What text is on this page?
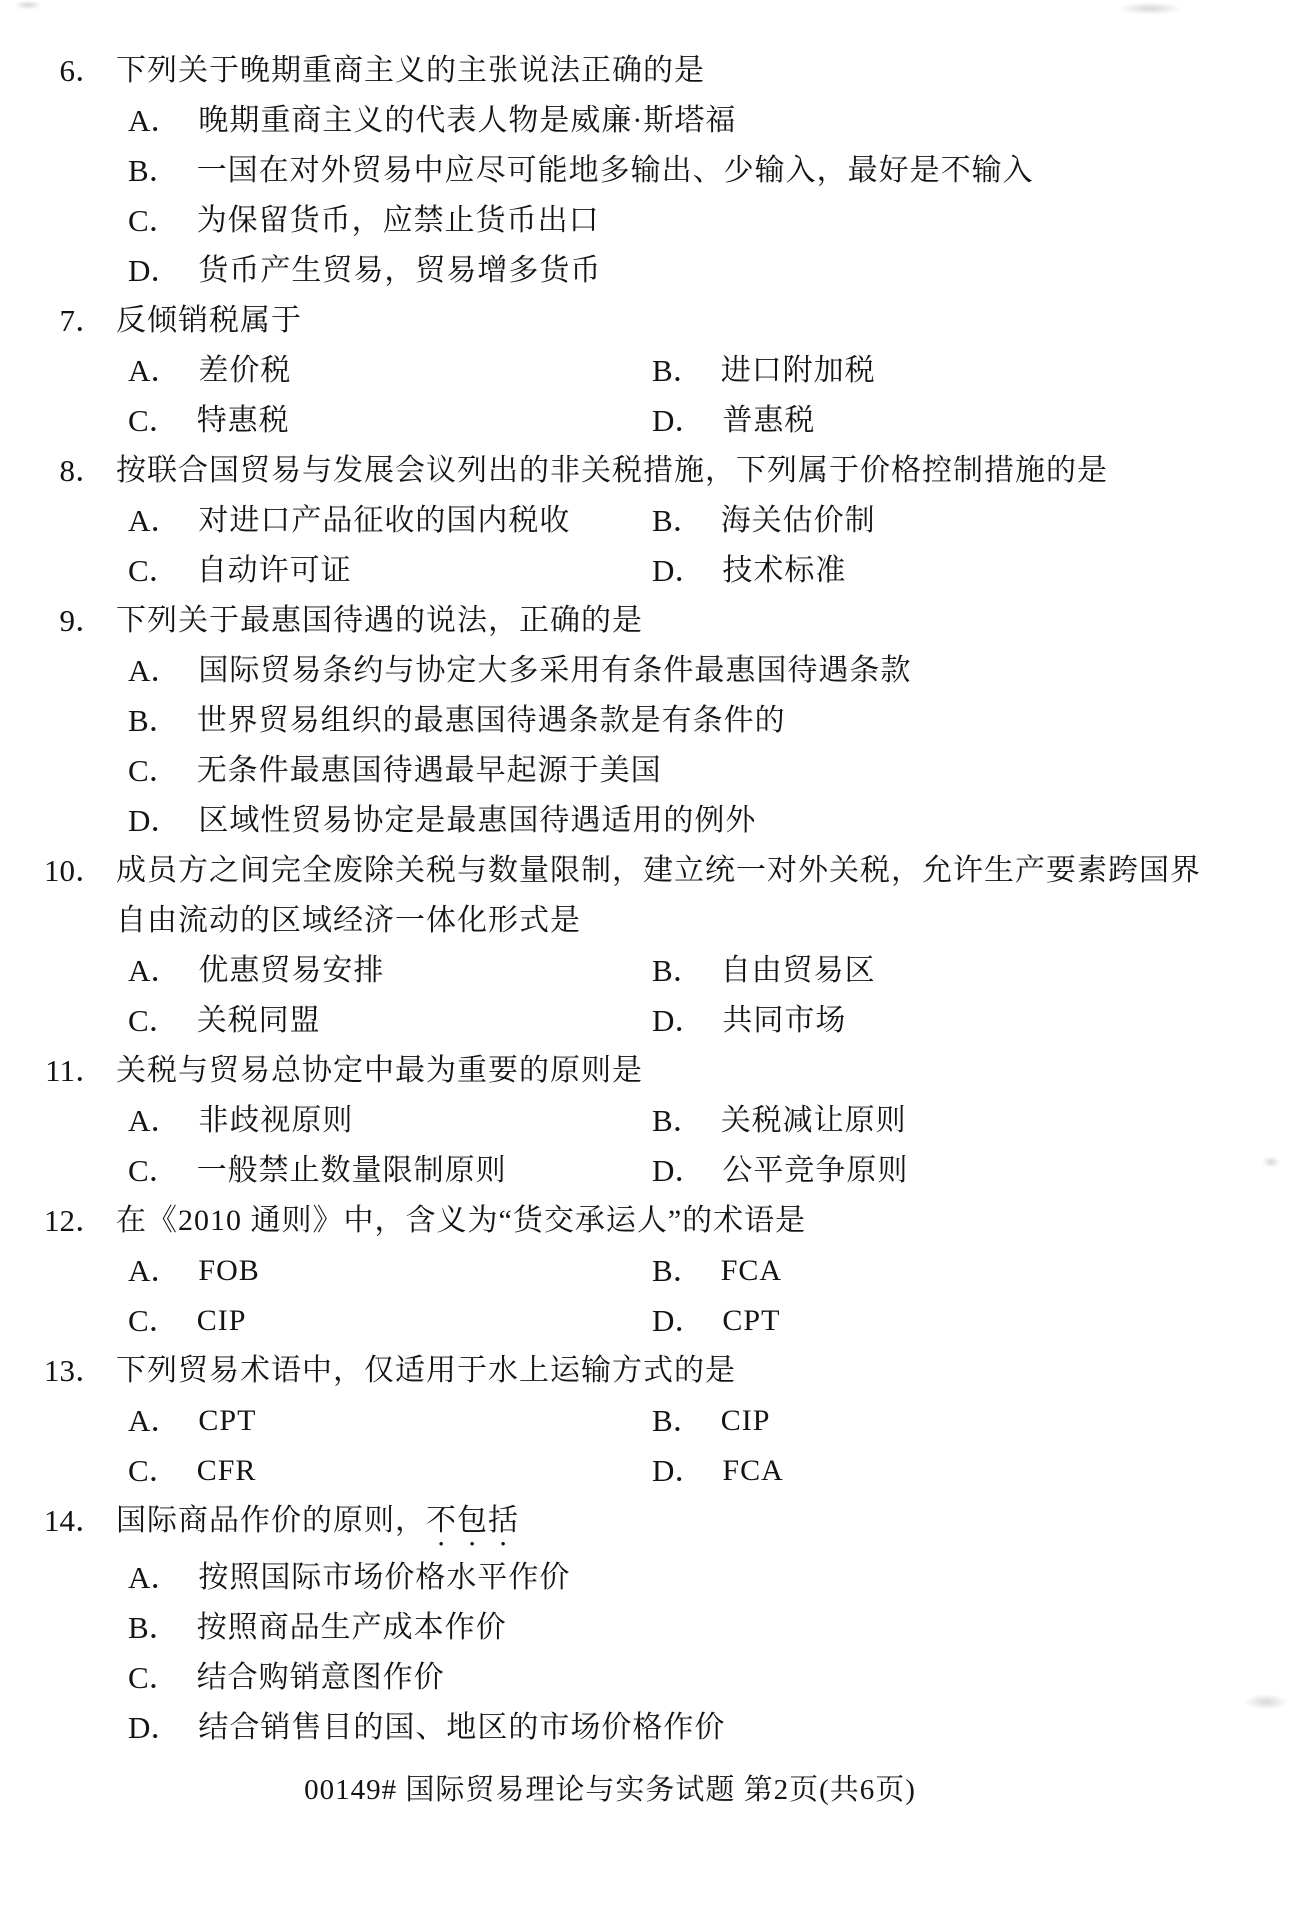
6． 下列关于晚期重商主义的主张说法正确的是
A． 晚期重商主义的代表人物是威廉·斯塔福
B． 一国在对外贸易中应尽可能地多输出、少输入，最好是不输入
C． 为保留货币，应禁止货币出口
D． 货币产生贸易，贸易增多货币
7． 反倾销税属于
A． 差价税	B． 进口附加税
C． 特惠税	D． 普惠税
8． 按联合国贸易与发展会议列出的非关税措施，下列属于价格控制措施的是
A． 对进口产品征收的国内税收	B． 海关估价制
C． 自动许可证	D． 技术标准
9． 下列关于最惠国待遇的说法，正确的是
A． 国际贸易条约与协定大多采用有条件最惠国待遇条款
B． 世界贸易组织的最惠国待遇条款是有条件的
C． 无条件最惠国待遇最早起源于美国
D． 区域性贸易协定是最惠国待遇适用的例外
10． 成员方之间完全废除关税与数量限制，建立统一对外关税，允许生产要素跨国界自由流动的区域经济一体化形式是
A． 优惠贸易安排	B． 自由贸易区
C． 关税同盟	D． 共同市场
11． 关税与贸易总协定中最为重要的原则是
A． 非歧视原则	B． 关税减让原则
C． 一般禁止数量限制原则	D． 公平竞争原则
12． 在《2010 通则》中，含义为“货交承运人”的术语是
A． FOB	B． FCA
C． CIP	D． CPT
13． 下列贸易术语中，仅适用于水上运输方式的是
A． CPT	B． CIP
C． CFR	D． FCA
14． 国际商品作价的原则，不包括
A． 按照国际市场价格水平作价
B． 按照商品生产成本作价
C． 结合购销意图作价
D． 结合销售目的国、地区的市场价格作价
00149# 国际贸易理论与实务试题 第2页(共6页)
